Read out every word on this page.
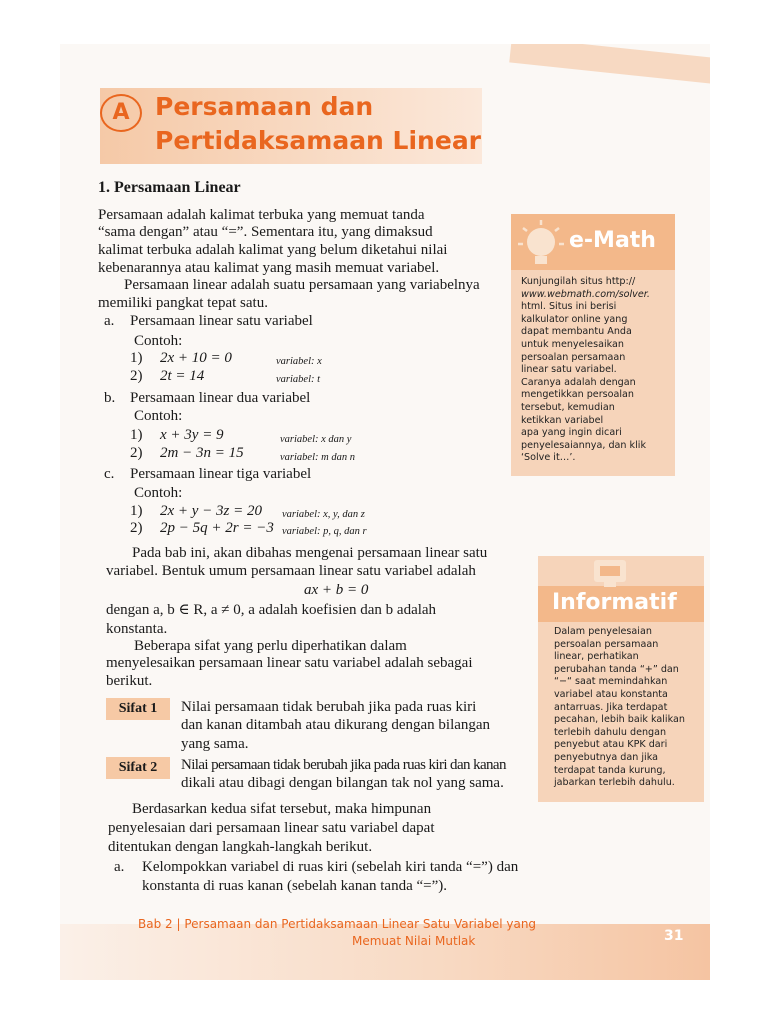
A	Persamaan dan
Pertidaksamaan Linear
1. Persamaan Linear
Persamaan adalah kalimat terbuka yang memuat tanda
“sama dengan” atau “=”. Sementara itu, yang dimaksud
kalimat terbuka adalah kalimat yang belum diketahui nilai
kebenarannya atau kalimat yang masih memuat variabel.
Persamaan linear adalah suatu persamaan yang variabelnya
memiliki pangkat tepat satu.
a. Persamaan linear satu variabel
Contoh:
1) 2x + 10 = 0	variabel: x
2) 2t = 14	variabel: t
b. Persamaan linear dua variabel
Contoh:
1) x + 3y = 9	variabel: x dan y
2) 2m − 3n = 15	variabel: m dan n
c. Persamaan linear tiga variabel
Contoh:
1) 2x + y − 3z = 20 variabel: x, y, dan z
2) 2p − 5q + 2r = −3 variabel: p, q, dan r
Pada bab ini, akan dibahas mengenai persamaan linear satu
variabel. Bentuk umum persamaan linear satu variabel adalah
ax + b = 0
dengan a, b ∈ R, a ≠ 0, a adalah koefisien dan b adalah
konstanta.
Beberapa sifat yang perlu diperhatikan dalam
menyelesaikan persamaan linear satu variabel adalah sebagai
berikut.
Sifat 1	Nilai persamaan tidak berubah jika pada ruas kiri
dan kanan ditambah atau dikurang dengan bilangan
yang sama.
Sifat 2	Nilai persamaan tidak berubah jika pada ruas kiri dan kanan
dikali atau dibagi dengan bilangan tak nol yang sama.
Berdasarkan kedua sifat tersebut, maka himpunan
penyelesaian dari persamaan linear satu variabel dapat
ditentukan dengan langkah-langkah berikut.
a. Kelompokkan variabel di ruas kiri (sebelah kiri tanda “=”) dan
konstanta di ruas kanan (sebelah kanan tanda “=”).
e-Math
Kunjungilah situs http://
www.webmath.com/solver.
html. Situs ini berisi
kalkulator online yang
dapat membantu Anda
untuk menyelesaikan
persoalan persamaan
linear satu variabel.
Caranya adalah dengan
mengetikkan persoalan
tersebut, kemudian
ketikkan variabel
apa yang ingin dicari
penyelesaiannya, dan klik
‘Solve it…’.
Informatif
Dalam penyelesaian
persoalan persamaan
linear, perhatikan
perubahan tanda “+” dan
“−“ saat memindahkan
variabel atau konstanta
antarruas. Jika terdapat
pecahan, lebih baik kalikan
terlebih dahulu dengan
penyebut atau KPK dari
penyebutnya dan jika
terdapat tanda kurung,
jabarkan terlebih dahulu.
Bab 2 | Persamaan dan Pertidaksamaan Linear Satu Variabel yang
Memuat Nilai Mutlak	31
